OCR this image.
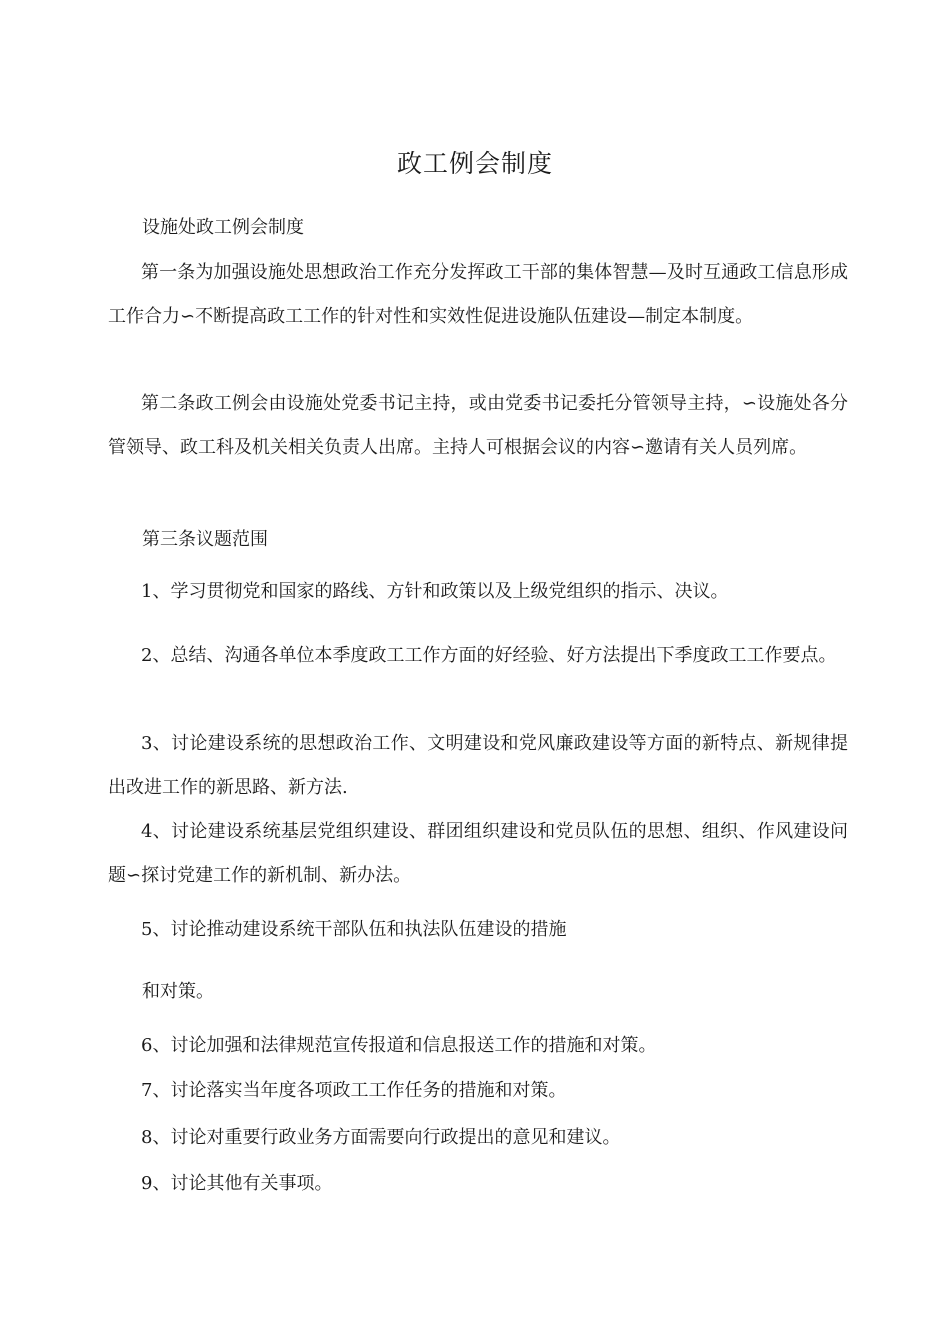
政工例会制度

设施处政工例会制度

第一条为加强设施处思想政治工作充分发挥政工干部的集体智慧—及时互通政工信息形成工作合力∽不断提高政工工作的针对性和实效性促进设施队伍建设—制定本制度。

第二条政工例会由设施处党委书记主持，或由党委书记委托分管领导主持，∽设施处各分管领导、政工科及机关相关负责人出席。主持人可根据会议的内容∽邀请有关人员列席。

第三条议题范围

1、学习贯彻党和国家的路线、方针和政策以及上级党组织的指示、决议。

2、总结、沟通各单位本季度政工工作方面的好经验、好方法提出下季度政工工作要点。

3、讨论建设系统的思想政治工作、文明建设和党风廉政建设等方面的新特点、新规律提出改进工作的新思路、新方法.

4、讨论建设系统基层党组织建设、群团组织建设和党员队伍的思想、组织、作风建设问题∽探讨党建工作的新机制、新办法。

5、讨论推动建设系统干部队伍和执法队伍建设的措施

和对策。

6、讨论加强和法律规范宣传报道和信息报送工作的措施和对策。

7、讨论落实当年度各项政工工作任务的措施和对策。

8、讨论对重要行政业务方面需要向行政提出的意见和建议。

9、讨论其他有关事项。
